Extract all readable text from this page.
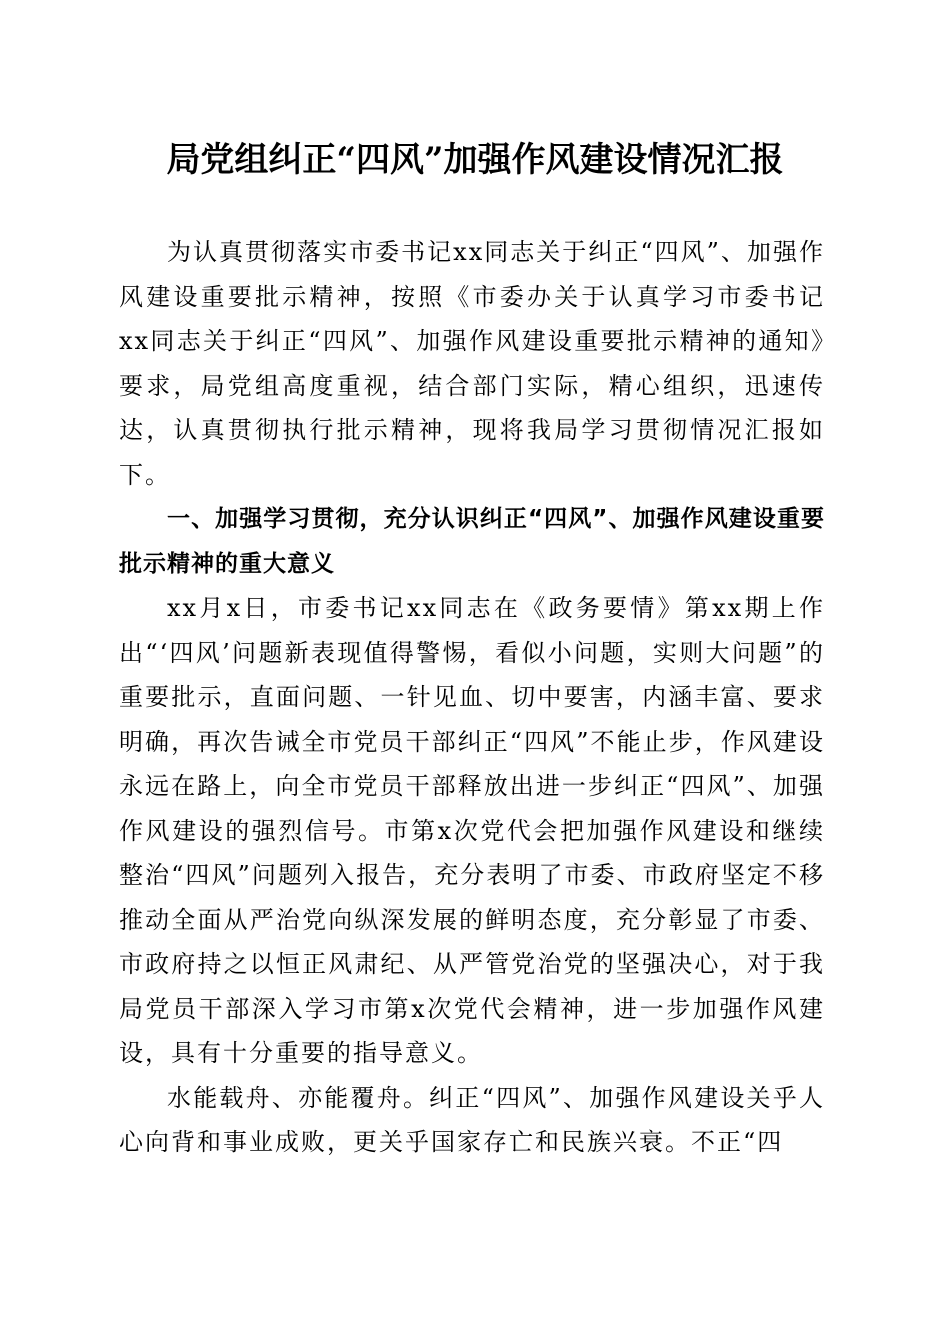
局党组纠正“四风”加强作风建设情况汇报

为认真贯彻落实市委书记xx同志关于纠正“四风”、加强作风建设重要批示精神，按照《市委办关于认真学习市委书记xx同志关于纠正“四风”、加强作风建设重要批示精神的通知》要求，局党组高度重视，结合部门实际，精心组织，迅速传达，认真贯彻执行批示精神，现将我局学习贯彻情况汇报如下。

一、加强学习贯彻，充分认识纠正“四风”、加强作风建设重要批示精神的重大意义

xx月x日，市委书记xx同志在《政务要情》第xx期上作出“‘四风’问题新表现值得警惕，看似小问题，实则大问题”的重要批示，直面问题、一针见血、切中要害，内涵丰富、要求明确，再次告诫全市党员干部纠正“四风”不能止步，作风建设永远在路上，向全市党员干部释放出进一步纠正“四风”、加强作风建设的强烈信号。市第x次党代会把加强作风建设和继续整治“四风”问题列入报告，充分表明了市委、市政府坚定不移推动全面从严治党向纵深发展的鲜明态度，充分彰显了市委、市政府持之以恒正风肃纪、从严管党治党的坚强决心，对于我局党员干部深入学习市第x次党代会精神，进一步加强作风建设，具有十分重要的指导意义。

水能载舟、亦能覆舟。纠正“四风”、加强作风建设关乎人心向背和事业成败，更关乎国家存亡和民族兴衰。不正“四
